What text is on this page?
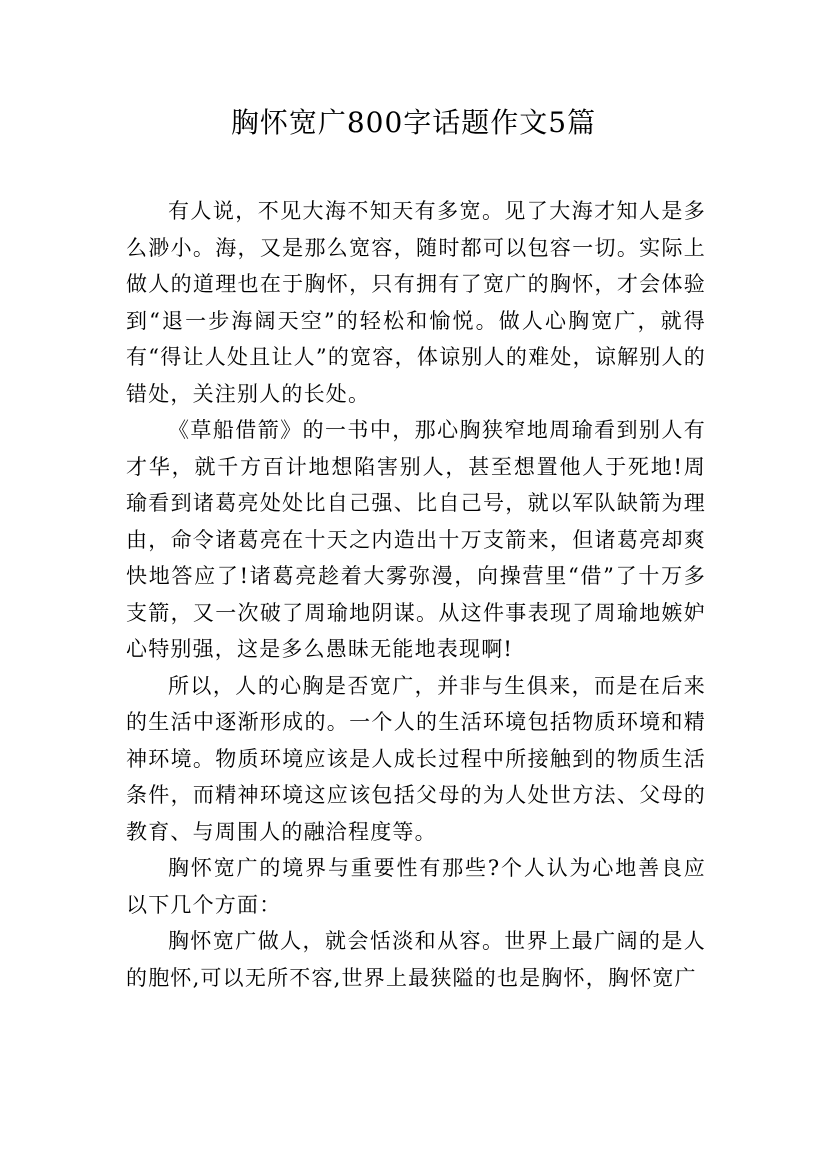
胸怀宽广800字话题作文5篇

有人说，不见大海不知天有多宽。见了大海才知人是多么渺小。海，又是那么宽容，随时都可以包容一切。实际上做人的道理也在于胸怀，只有拥有了宽广的胸怀，才会体验到“退一步海阔天空”的轻松和愉悦。做人心胸宽广，就得有“得让人处且让人”的宽容，体谅别人的难处，谅解别人的错处，关注别人的长处。

《草船借箭》的一书中，那心胸狭窄地周瑜看到别人有才华，就千方百计地想陷害别人，甚至想置他人于死地!周瑜看到诸葛亮处处比自己强、比自己号，就以军队缺箭为理由，命令诸葛亮在十天之内造出十万支箭来，但诸葛亮却爽快地答应了!诸葛亮趁着大雾弥漫，向操营里“借”了十万多支箭，又一次破了周瑜地阴谋。从这件事表现了周瑜地嫉妒心特别强，这是多么愚昧无能地表现啊!

所以，人的心胸是否宽广，并非与生俱来，而是在后来的生活中逐渐形成的。一个人的生活环境包括物质环境和精神环境。物质环境应该是人成长过程中所接触到的物质生活条件，而精神环境这应该包括父母的为人处世方法、父母的教育、与周围人的融洽程度等。

胸怀宽广的境界与重要性有那些?个人认为心地善良应以下几个方面：

胸怀宽广做人，就会恬淡和从容。世界上最广阔的是人的胞怀,可以无所不容,世界上最狭隘的也是胸怀，胸怀宽广
